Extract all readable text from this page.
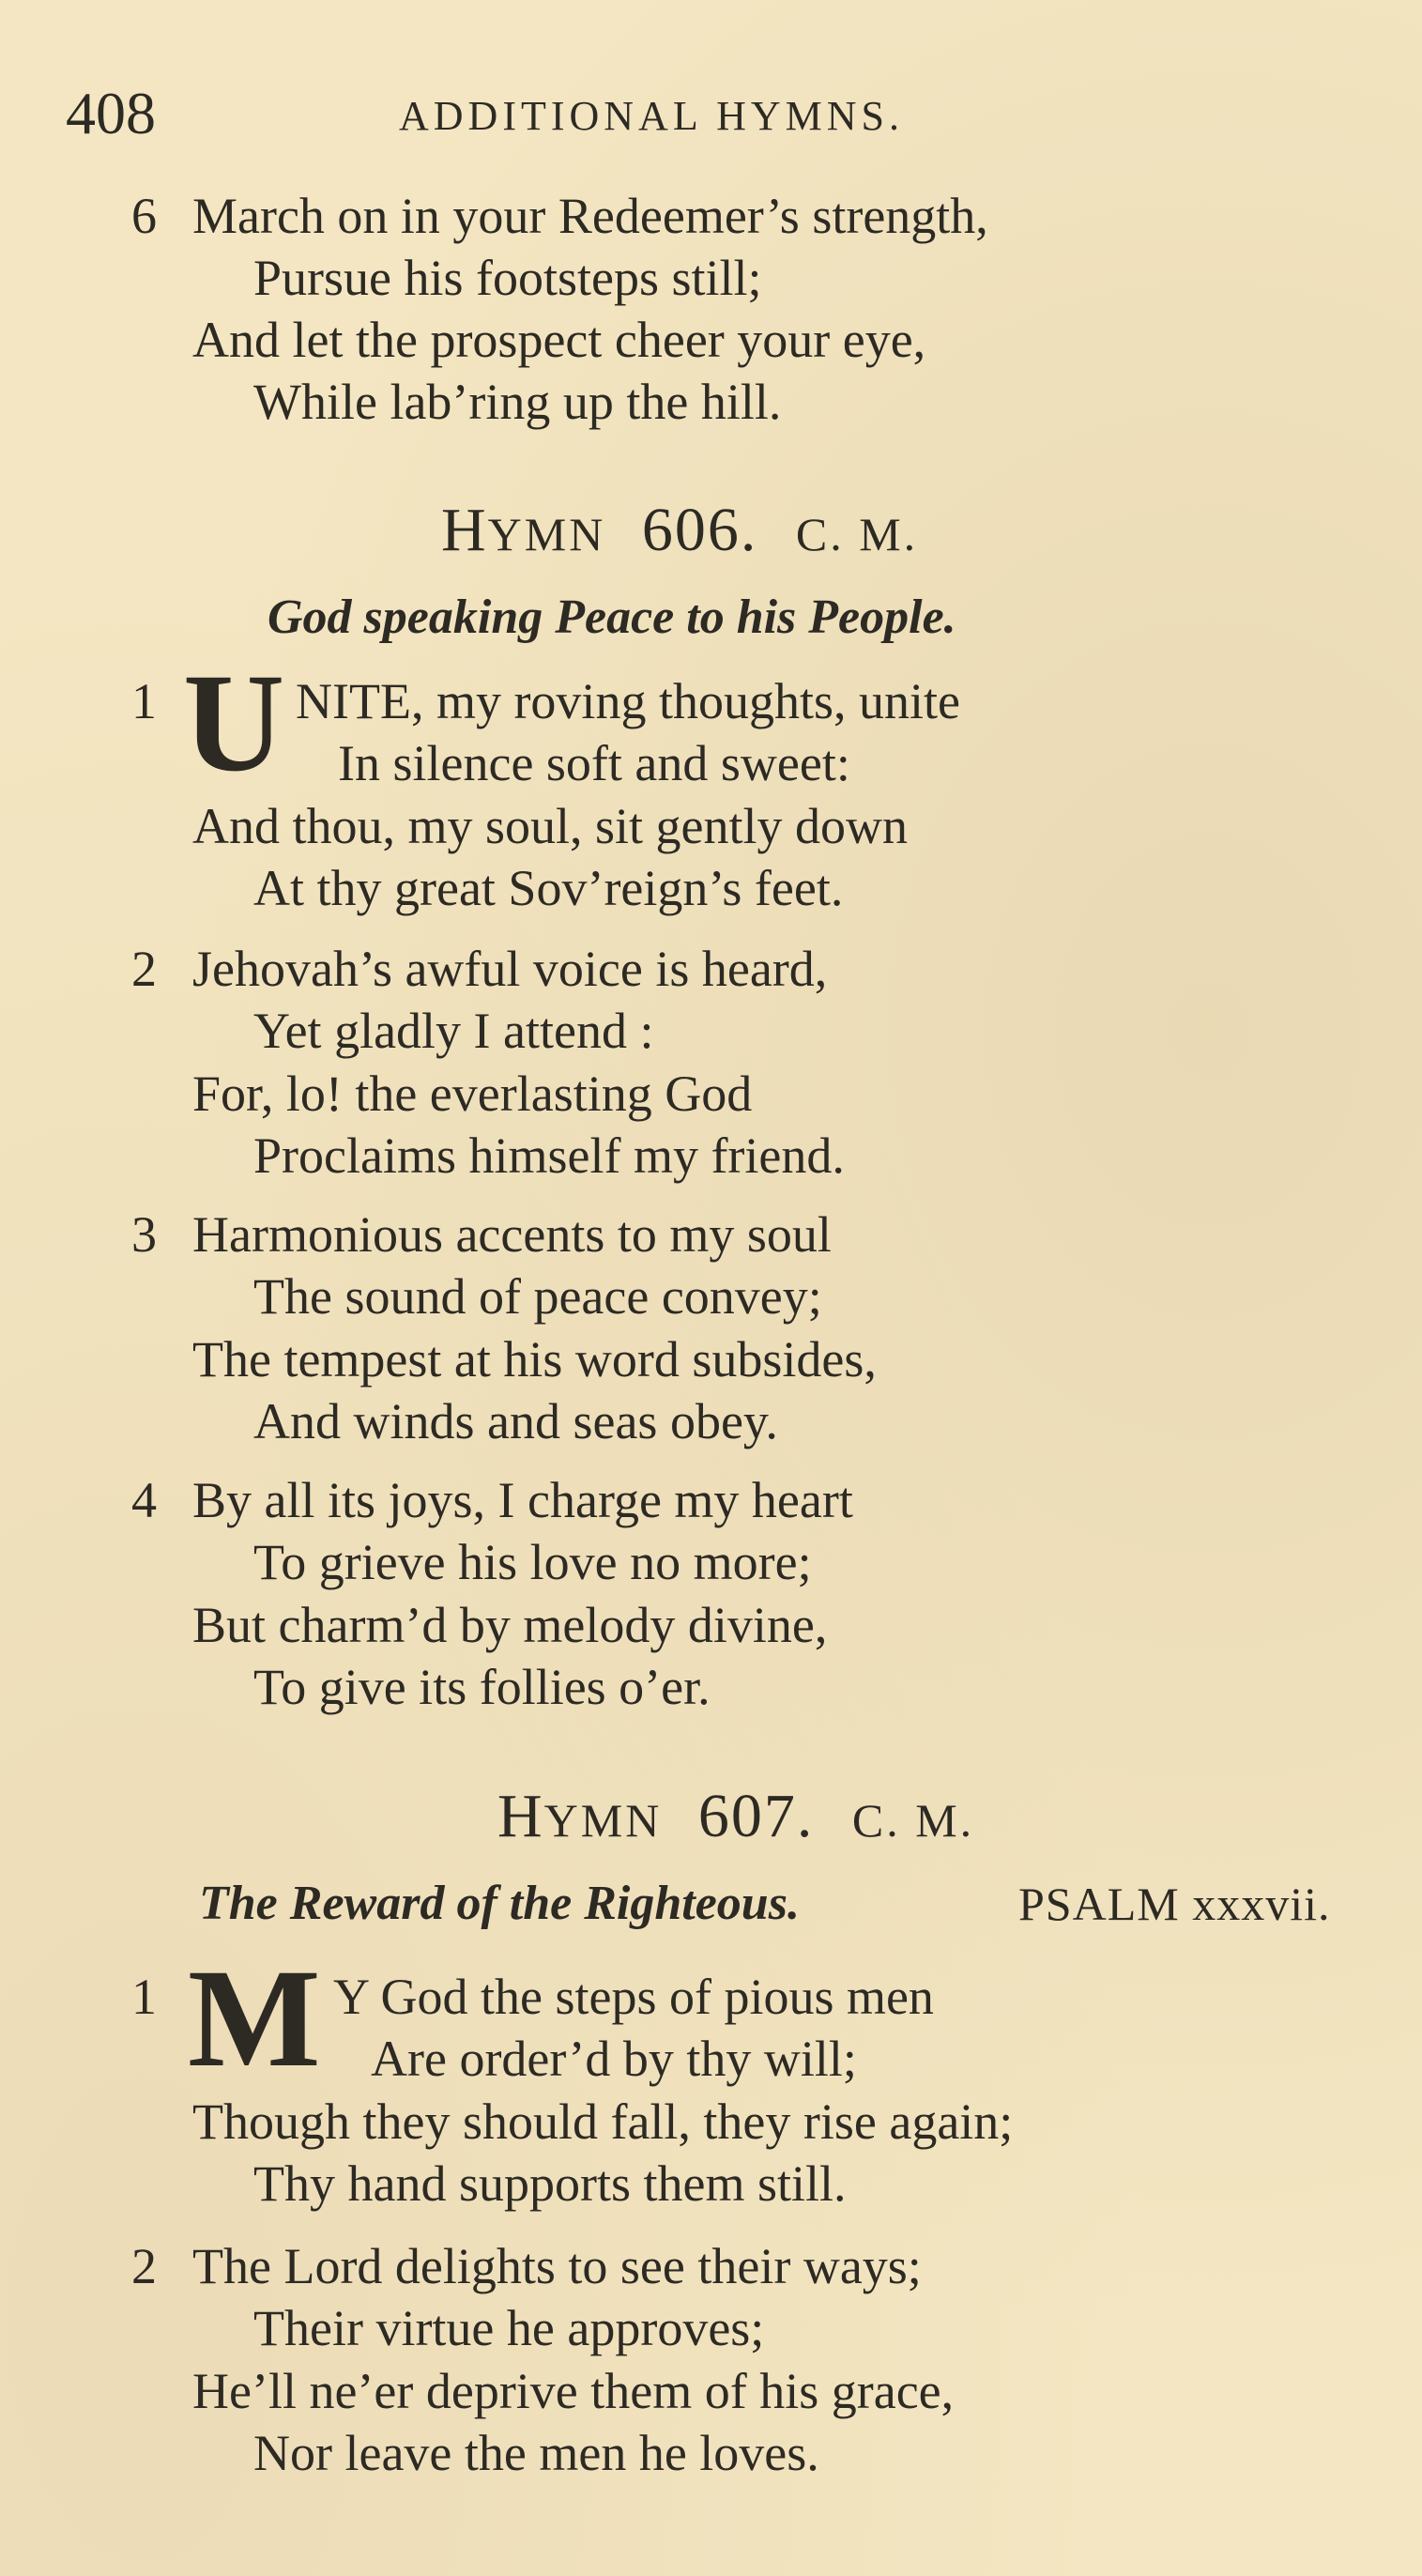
408	ADDITIONAL HYMNS.
6 March on in your Redeemer’s strength,
Pursue his footsteps still;
And let the prospect cheer your eye,
While lab’ring up the hill.
HYMN 606. C. M.
God speaking Peace to his People.
1 U NITE, my roving thoughts, unite
In silence soft and sweet:
And thou, my soul, sit gently down
At thy great Sov’reign’s feet.
2 Jehovah’s awful voice is heard,
Yet gladly I attend :
For, lo! the everlasting God
Proclaims himself my friend.
3 Harmonious accents to my soul
The sound of peace convey;
The tempest at his word subsides,
And winds and seas obey.
4 By all its joys, I charge my heart
To grieve his love no more;
But charm’d by melody divine,
To give its follies o’er.
HYMN 607. C. M.
The Reward of the Righteous.	PSALM xxxvii.
1 M Y God the steps of pious men
Are order’d by thy will;
Though they should fall, they rise again;
Thy hand supports them still.
2 The Lord delights to see their ways;
Their virtue he approves;
He’ll ne’er deprive them of his grace,
Nor leave the men he loves.
